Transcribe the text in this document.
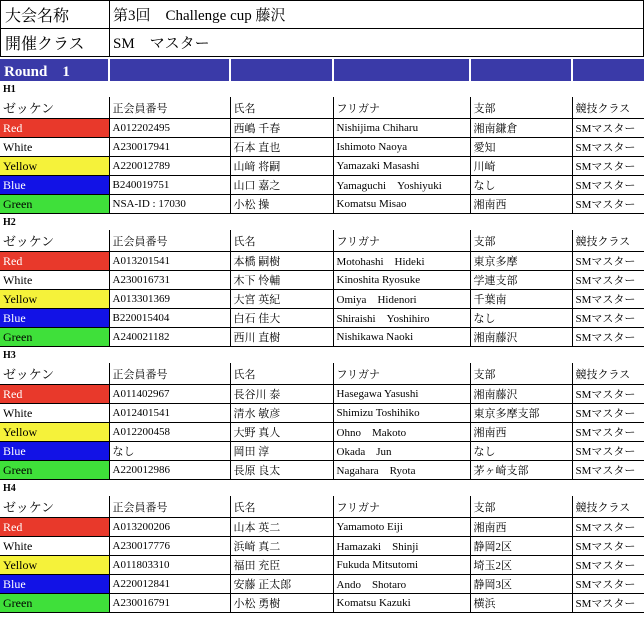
大会名称	第3回　Challenge cup 藤沢
開催クラス	SM　マスター
Round　1					
H1					
ゼッケン	正会員番号	氏名	フリガナ	支部	競技クラス
Red	A012202495	西嶋 千春	Nishijima Chiharu	湘南鎌倉	SMマスター
White	A230017941	石本 直也	Ishimoto Naoya	愛知	SMマスター
Yellow	A220012789	山﨑 将嗣	Yamazaki Masashi	川崎	SMマスター
Blue	B240019751	山口 嘉之	Yamaguchi　Yoshiyuki	なし	SMマスター
Green	NSA-ID : 17030	小松 操	Komatsu Misao	湘南西	SMマスター
H2					
ゼッケン	正会員番号	氏名	フリガナ	支部	競技クラス
Red	A013201541	本橋 嗣樹	Motohashi　Hideki	東京多摩	SMマスター
White	A230016731	木下 怜輔	Kinoshita Ryosuke	学連支部	SMマスター
Yellow	A013301369	大宮 英紀	Omiya　Hidenori	千葉南	SMマスター
Blue	B220015404	白石 佳大	Shiraishi　Yoshihiro	なし	SMマスター
Green	A240021182	西川 直樹	Nishikawa Naoki	湘南藤沢	SMマスター
H3					
ゼッケン	正会員番号	氏名	フリガナ	支部	競技クラス
Red	A011402967	長谷川 泰	Hasegawa Yasushi	湘南藤沢	SMマスター
White	A012401541	清水 敏彦	Shimizu Toshihiko	東京多摩支部	SMマスター
Yellow	A012200458	大野 真人	Ohno　Makoto	湘南西	SMマスター
Blue	なし	岡田 淳	Okada　Jun	なし	SMマスター
Green	A220012986	長原 良太	Nagahara　Ryota	茅ヶ崎支部	SMマスター
H4					
ゼッケン	正会員番号	氏名	フリガナ	支部	競技クラス
Red	A013200206	山本 英二	Yamamoto Eiji	湘南西	SMマスター
White	A230017776	浜崎 真二	Hamazaki　Shinji	静岡2区	SMマスター
Yellow	A011803310	福田 充臣	Fukuda Mitsutomi	埼玉2区	SMマスター
Blue	A220012841	安藤 正太郎	Ando　Shotaro	静岡3区	SMマスター
Green	A230016791	小松 勇樹	Komatsu Kazuki	横浜	SMマスター
